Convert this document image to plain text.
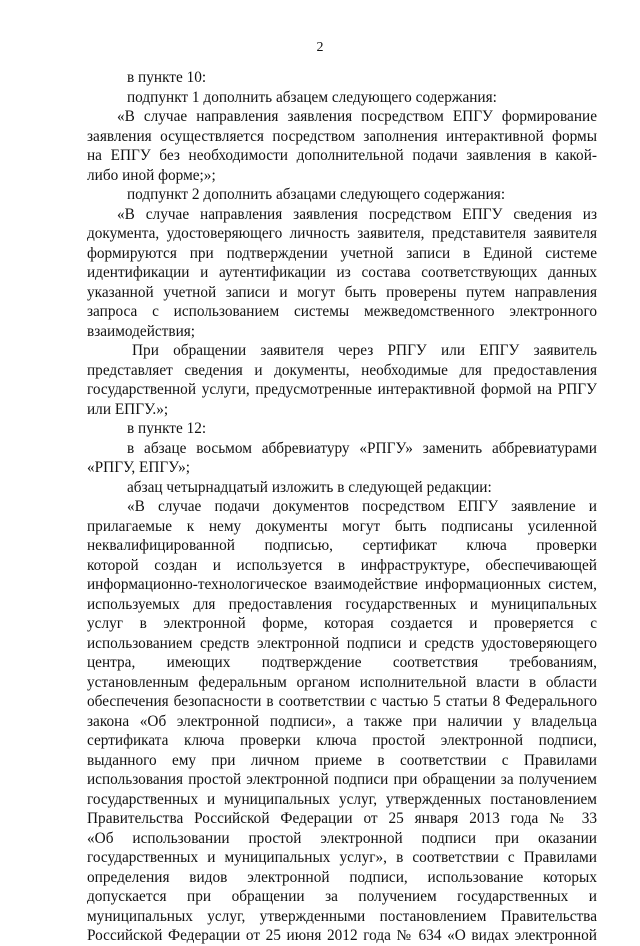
2
в пункте 10:
подпункт 1 дополнить абзацем следующего содержания:
«В случае направления заявления посредством ЕПГУ формирование
заявления осуществляется посредством заполнения интерактивной формы
на ЕПГУ без необходимости дополнительной подачи заявления в какой-
либо иной форме;»;
подпункт 2 дополнить абзацами следующего содержания:
«В случае направления заявления посредством ЕПГУ сведения из
документа, удостоверяющего личность заявителя, представителя заявителя
формируются при подтверждении учетной записи в Единой системе
идентификации и аутентификации из состава соответствующих данных
указанной учетной записи и могут быть проверены путем направления
запроса с использованием системы межведомственного электронного
взаимодействия;
При обращении заявителя через РПГУ или ЕПГУ заявитель
представляет сведения и документы, необходимые для предоставления
государственной услуги, предусмотренные интерактивной формой на РПГУ
или ЕПГУ.»;
в пункте 12:
в абзаце восьмом аббревиатуру «РПГУ» заменить аббревиатурами
«РПГУ, ЕПГУ»;
абзац четырнадцатый изложить в следующей редакции:
«В случае подачи документов посредством ЕПГУ заявление и
прилагаемые к нему документы могут быть подписаны усиленной
неквалифицированной подписью, сертификат ключа проверки
которой создан и используется в инфраструктуре, обеспечивающей
информационно-технологическое взаимодействие информационных систем,
используемых для предоставления государственных и муниципальных
услуг в электронной форме, которая создается и проверяется с
использованием средств электронной подписи и средств удостоверяющего
центра, имеющих подтверждение соответствия требованиям,
установленным федеральным органом исполнительной власти в области
обеспечения безопасности в соответствии с частью 5 статьи 8 Федерального
закона «Об электронной подписи», а также при наличии у владельца
сертификата ключа проверки ключа простой электронной подписи,
выданного ему при личном приеме в соответствии с Правилами
использования простой электронной подписи при обращении за получением
государственных и муниципальных услуг, утвержденных постановлением
Правительства Российской Федерации от 25 января 2013 года № 33
«Об использовании простой электронной подписи при оказании
государственных и муниципальных услуг», в соответствии с Правилами
определения видов электронной подписи, использование которых
допускается при обращении за получением государственных и
муниципальных услуг, утвержденными постановлением Правительства
Российской Федерации от 25 июня 2012 года № 634 «О видах электронной
